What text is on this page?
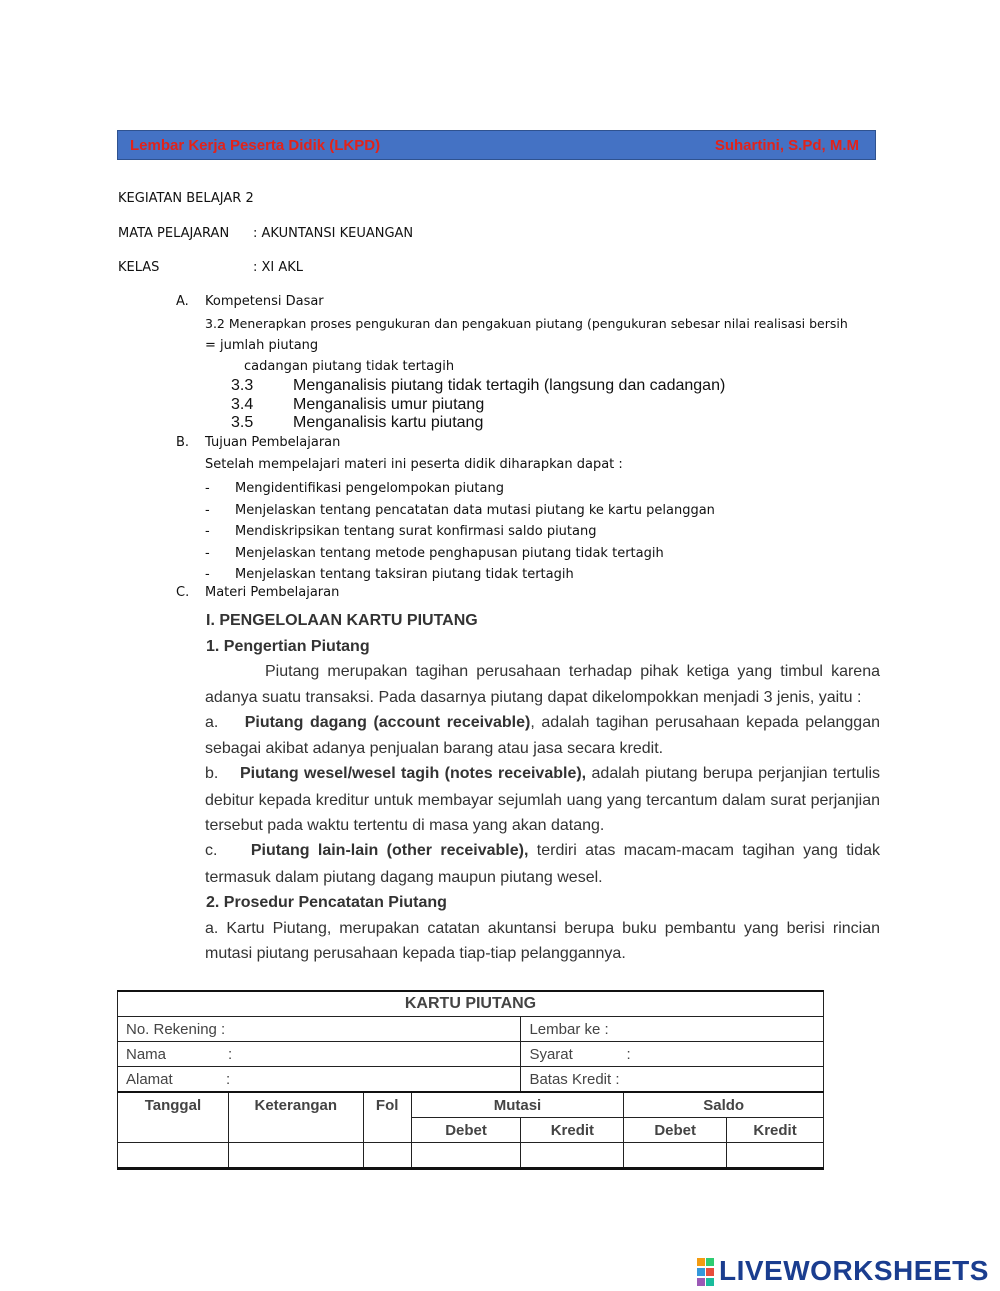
Lembar Kerja Peserta Didik (LKPD)	Suhartini, S.Pd, M.M
KEGIATAN BELAJAR 2
MATA PELAJARAN : AKUNTANSI KEUANGAN
KELAS	: XI AKL
A. Kompetensi Dasar
3.2 Menerapkan proses pengukuran dan pengakuan piutang (pengukuran sebesar nilai realisasi bersih
= jumlah piutang
cadangan piutang tidak tertagih
3.3 Menganalisis piutang tidak tertagih (langsung dan cadangan)
3.4 Menganalisis umur piutang
3.5 Menganalisis kartu piutang
B. Tujuan Pembelajaran
Setelah mempelajari materi ini peserta didik diharapkan dapat :
- Mengidentifikasi pengelompokan piutang
- Menjelaskan tentang pencatatan data mutasi piutang ke kartu pelanggan
- Mendiskripsikan tentang surat konfirmasi saldo piutang
- Menjelaskan tentang metode penghapusan piutang tidak tertagih
- Menjelaskan tentang taksiran piutang tidak tertagih
C. Materi Pembelajaran
I. PENGELOLAAN KARTU PIUTANG
1. Pengertian Piutang
Piutang merupakan tagihan perusahaan terhadap pihak ketiga yang timbul karena
adanya suatu transaksi. Pada dasarnya piutang dapat dikelompokkan menjadi 3 jenis, yaitu :
a. Piutang dagang (account receivable), adalah tagihan perusahaan kepada pelanggan
sebagai akibat adanya penjualan barang atau jasa secara kredit.
b. Piutang wesel/wesel tagih (notes receivable), adalah piutang berupa perjanjian tertulis
debitur kepada kreditur untuk membayar sejumlah uang yang tercantum dalam surat perjanjian
tersebut pada waktu tertentu di masa yang akan datang.
c. Piutang lain-lain (other receivable), terdiri atas macam-macam tagihan yang tidak
termasuk dalam piutang dagang maupun piutang wesel.
2. Prosedur Pencatatan Piutang
a. Kartu Piutang, merupakan catatan akuntansi berupa buku pembantu yang berisi rincian
mutasi piutang perusahaan kepada tiap-tiap pelanggannya.
KARTU PIUTANG						
No. Rekening :				Lembar ke :		
Nama :				Syarat :		
Alamat :				Batas Kredit :		
Tanggal	Keterangan	Fol	Mutasi		Saldo	
			Debet	Kredit	Debet	Kredit

LIVEWORKSHEETS
